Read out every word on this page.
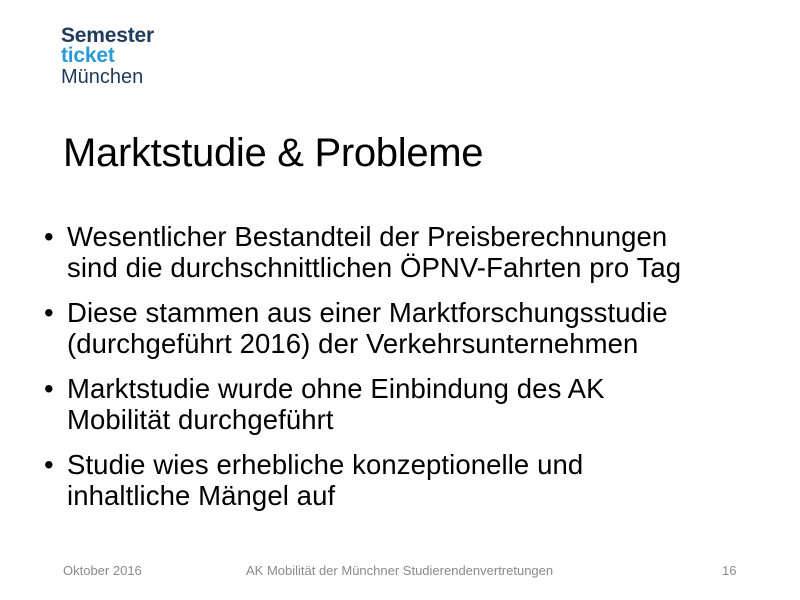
Semester
ticket
München
Marktstudie & Probleme
• Wesentlicher Bestandteil der Preisberechnungen
sind die durchschnittlichen ÖPNV-Fahrten pro Tag
• Diese stammen aus einer Marktforschungsstudie
(durchgeführt 2016) der Verkehrsunternehmen
• Marktstudie wurde ohne Einbindung des AK
Mobilität durchgeführt
• Studie wies erhebliche konzeptionelle und
inhaltliche Mängel auf
Oktober 2016	AK Mobilität der Münchner Studierendenvertretungen	16
